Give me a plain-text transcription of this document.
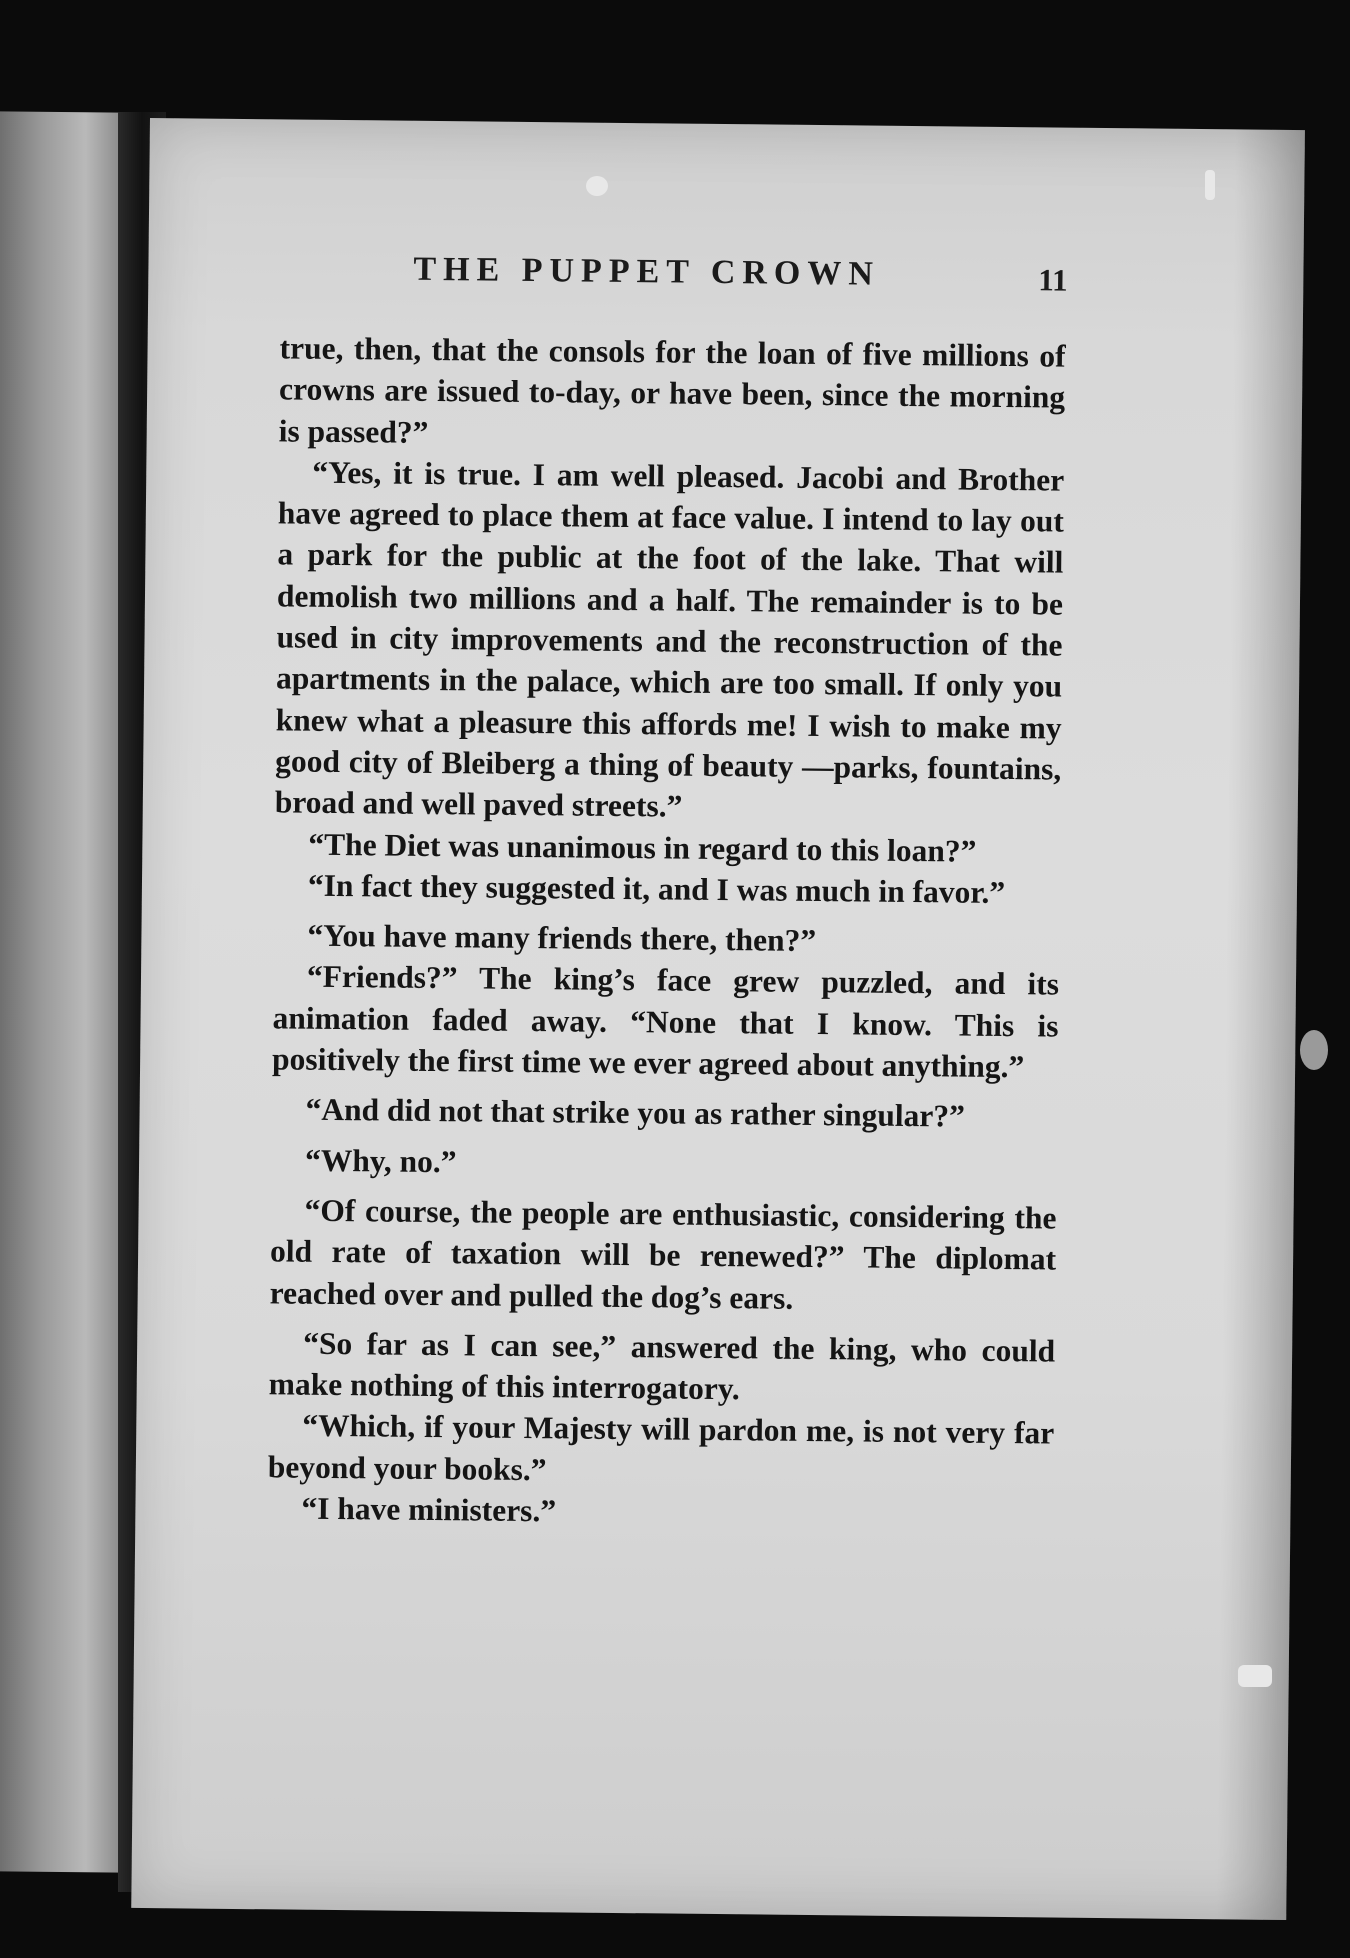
THE PUPPET CROWN	11

true, then, that the consols for the loan of five millions of crowns are issued to-day, or have been, since the morning is passed?”

“Yes, it is true. I am well pleased. Jacobi and Brother have agreed to place them at face value. I intend to lay out a park for the public at the foot of the lake. That will demolish two millions and a half. The remainder is to be used in city improvements and the reconstruction of the apartments in the palace, which are too small. If only you knew what a pleasure this affords me! I wish to make my good city of Bleiberg a thing of beauty —parks, fountains, broad and well paved streets.”

“The Diet was unanimous in regard to this loan?”

“In fact they suggested it, and I was much in favor.”

“You have many friends there, then?”

“Friends?” The king’s face grew puzzled, and its animation faded away. “None that I know. This is positively the first time we ever agreed about anything.”

“And did not that strike you as rather singular?”

“Why, no.”

“Of course, the people are enthusiastic, considering the old rate of taxation will be renewed?” The diplomat reached over and pulled the dog’s ears.

“So far as I can see,” answered the king, who could make nothing of this interrogatory.

“Which, if your Majesty will pardon me, is not very far beyond your books.”

“I have ministers.”
